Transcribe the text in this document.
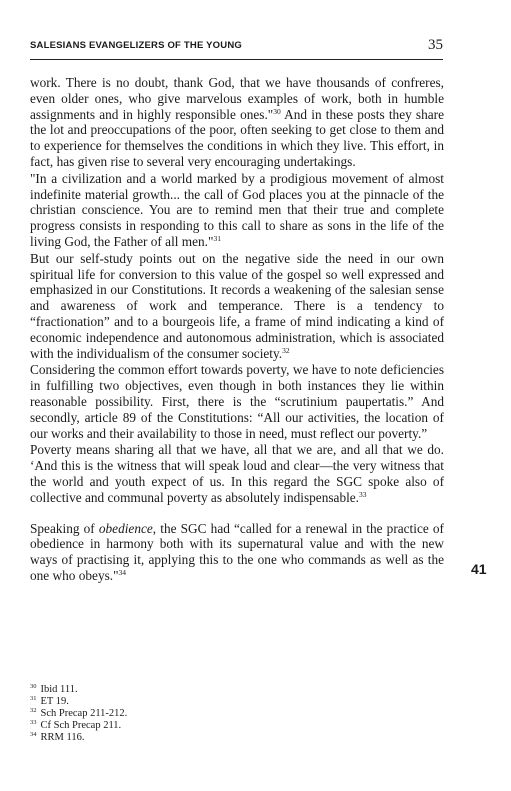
SALESIANS EVANGELIZERS OF THE YOUNG	35

work. There is no doubt, thank God, that we have thousands of confreres, even older ones, who give marvelous examples of work, both in humble assignments and in highly responsible ones."$^{30}$ And in these posts they share the lot and preoccupations of the poor, often seeking to get close to them and to experience for themselves the conditions in which they live. This effort, in fact, has given rise to several very encouraging undertakings.

"In a civilization and a world marked by a prodigious movement of almost indefinite material growth... the call of God places you at the pinnacle of the christian conscience. You are to remind men that their true and complete progress consists in responding to this call to share as sons in the life of the living God, the Father of all men."$^{31}$

But our self-study points out on the negative side the need in our own spiritual life for conversion to this value of the gospel so well expressed and emphasized in our Constitutions. It records a weakening of the salesian sense and awareness of work and temperance. There is a tendency to “fractionation” and to a bourgeois life, a frame of mind indicating a kind of economic independence and autonomous administration, which is associated with the individualism of the consumer society.$^{32}$

Considering the common effort towards poverty, we have to note deficiencies in fulfilling two objectives, even though in both instances they lie within reasonable possibility. First, there is the “scrutinium paupertatis.” And secondly, article 89 of the Constitutions: “All our activities, the location of our works and their availability to those in need, must reflect our poverty.”

Poverty means sharing all that we have, all that we are, and all that we do. ‘And this is the witness that will speak loud and clear—the very witness that the world and youth expect of us. In this regard the SGC spoke also of collective and communal poverty as absolutely indispensable.$^{33}$

Speaking of obedience, the SGC had “called for a renewal in the practice of obedience in harmony both with its supernatural value and with the new ways of practising it, applying this to the one who commands as well as the one who obeys."$^{34}$	41
$^{30}$ Ibid 111.
$^{31}$ ET 19.
$^{32}$ Sch Precap 211-212.
$^{33}$ Cf Sch Precap 211.
$^{34}$ RRM 116.
